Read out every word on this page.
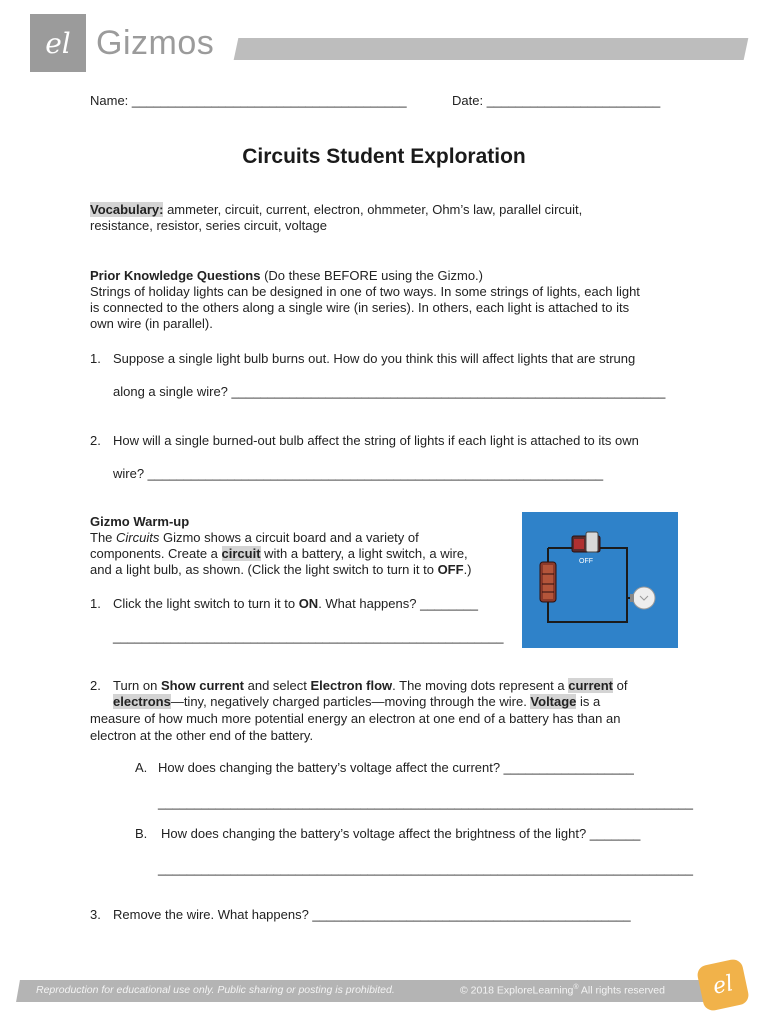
el Gizmos
Name: ______________________________________	Date: ________________________
Circuits Student Exploration
Vocabulary: ammeter, circuit, current, electron, ohmmeter, Ohm’s law, parallel circuit,
resistance, resistor, series circuit, voltage
Prior Knowledge Questions (Do these BEFORE using the Gizmo.)
Strings of holiday lights can be designed in one of two ways. In some strings of lights, each light
is connected to the others along a single wire (in series). In others, each light is attached to its
own wire (in parallel).
1. Suppose a single light bulb burns out. How do you think this will affect lights that are strung
along a single wire? ____________________________________________________________
2. How will a single burned-out bulb affect the string of lights if each light is attached to its own
wire? _______________________________________________________________
Gizmo Warm-up
The Circuits Gizmo shows a circuit board and a variety of
components. Create a circuit with a battery, a light switch, a wire,
and a light bulb, as shown. (Click the light switch to turn it to OFF.)
1. Click the light switch to turn it to ON. What happens? ________
______________________________________________________
OFF
2. Turn on Show current and select Electron flow. The moving dots represent a current of
electrons—tiny, negatively charged particles—moving through the wire. Voltage is a
measure of how much more potential energy an electron at one end of a battery has than an
electron at the other end of the battery.
A. How does changing the battery’s voltage affect the current? __________________
__________________________________________________________________________
B. How does changing the battery’s voltage affect the brightness of the light? _______
__________________________________________________________________________
3. Remove the wire. What happens? ____________________________________________
Reproduction for educational use only. Public sharing or posting is prohibited.	© 2018 ExploreLearning® All rights reserved el
